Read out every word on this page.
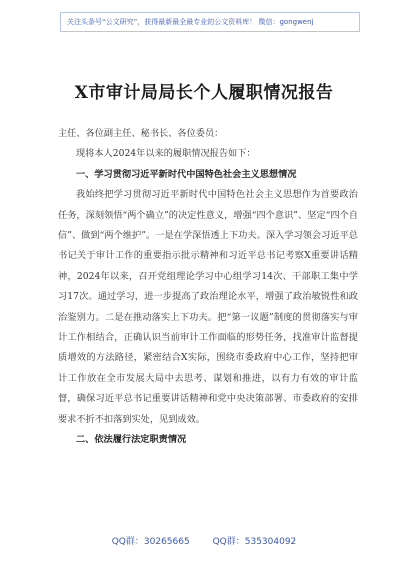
关注头条号“公文研究”，获得最新最全最专业的公文资料库！ 微信：gongwenj
X市审计局局长个人履职情况报告

主任、各位副主任、秘书长、各位委员：

现将本人2024年以来的履职情况报告如下：

一、学习贯彻习近平新时代中国特色社会主义思想情况

我始终把学习贯彻习近平新时代中国特色社会主义思想作为首要政治任务，深刻领悟“两个确立”的决定性意义，增强“四个意识”、坚定“四个自信”、做到“两个维护”。一是在学深悟透上下功夫。深入学习领会习近平总书记关于审计工作的重要指示批示精神和习近平总书记考察X重要讲话精神，2024年以来，召开党组理论学习中心组学习14次、干部职工集中学习17次。通过学习，进一步提高了政治理论水平，增强了政治敏锐性和政治鉴别力。二是在推动落实上下功夫。把“第一议题”制度的贯彻落实与审计工作相结合，正确认识当前审计工作面临的形势任务，找准审计监督提质增效的方法路径，紧密结合X实际，围绕市委政府中心工作，坚持把审计工作放在全市发展大局中去思考、谋划和推进，以有力有效的审计监督，确保习近平总书记重要讲话精神和党中央决策部署、市委政府的安排要求不折不扣落到实处，见到成效。

二、依法履行法定职责情况

QQ群：30265665	QQ群：535304092
